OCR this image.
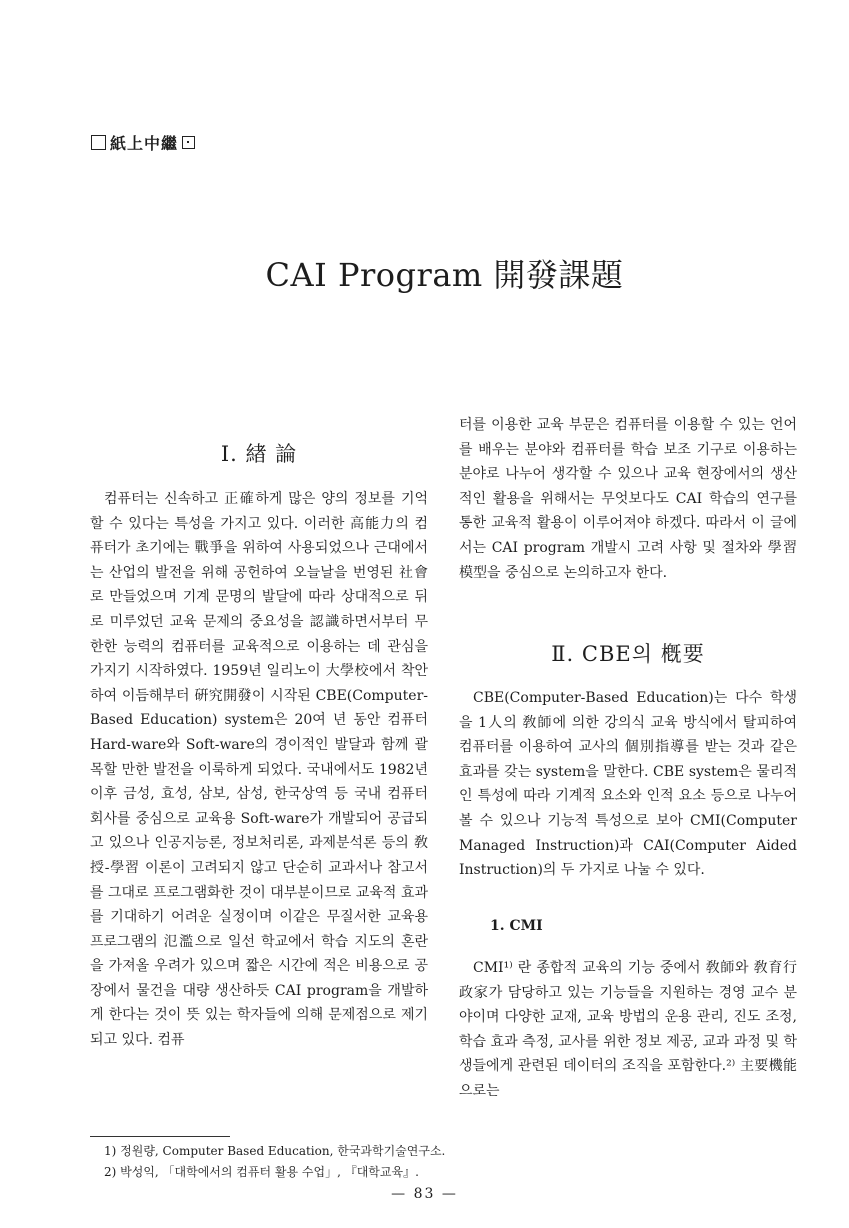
紙上中繼
CAI Program 開發課題
Ⅰ. 緖 論

컴퓨터는 신속하고 正確하게 많은 양의 정보를 기억할 수 있다는 특성을 가지고 있다. 이러한 高能力의 컴퓨터가 초기에는 戰爭을 위하여 사용되었으나 근대에서는 산업의 발전을 위해 공헌하여 오늘날을 번영된 社會로 만들었으며 기계 문명의 발달에 따라 상대적으로 뒤로 미루었던 교육 문제의 중요성을 認識하면서부터 무한한 능력의 컴퓨터를 교육적으로 이용하는 데 관심을 가지기 시작하였다. 1959년 일리노이 大學校에서 착안하여 이듬해부터 硏究開發이 시작된 CBE(Computer-Based Education) system은 20여 년 동안 컴퓨터 Hard-ware와 Soft-ware의 경이적인 발달과 함께 괄목할 만한 발전을 이룩하게 되었다. 국내에서도 1982년 이후 금성, 효성, 삼보, 삼성, 한국상역 등 국내 컴퓨터 회사를 중심으로 교육용 Soft-ware가 개발되어 공급되고 있으나 인공지능론, 정보처리론, 과제분석론 등의 敎授-學習 이론이 고려되지 않고 단순히 교과서나 참고서를 그대로 프로그램화한 것이 대부분이므로 교육적 효과를 기대하기 어려운 실정이며 이같은 무질서한 교육용 프로그램의 氾濫으로 일선 학교에서 학습 지도의 혼란을 가져올 우려가 있으며 짧은 시간에 적은 비용으로 공장에서 물건을 대량 생산하듯 CAI program을 개발하게 한다는 것이 뜻 있는 학자들에 의해 문제점으로 제기 되고 있다. 컴퓨

터를 이용한 교육 부문은 컴퓨터를 이용할 수 있는 언어를 배우는 분야와 컴퓨터를 학습 보조 기구로 이용하는 분야로 나누어 생각할 수 있으나 교육 현장에서의 생산적인 활용을 위해서는 무엇보다도 CAI 학습의 연구를 통한 교육적 활용이 이루어져야 하겠다. 따라서 이 글에서는 CAI program 개발시 고려 사항 및 절차와 學習模型을 중심으로 논의하고자 한다.

Ⅱ. CBE의 槪要

CBE(Computer-Based Education)는 다수 학생을 1人의 敎師에 의한 강의식 교육 방식에서 탈피하여 컴퓨터를 이용하여 교사의 個別指導를 받는 것과 같은 효과를 갖는 system을 말한다. CBE system은 물리적인 특성에 따라 기계적 요소와 인적 요소 등으로 나누어 볼 수 있으나 기능적 특성으로 보아 CMI(Computer Managed Instruction)과 CAI(Computer Aided Instruction)의 두 가지로 나눌 수 있다.

1. CMI

CMI¹⁾ 란 종합적 교육의 기능 중에서 敎師와 敎育行政家가 담당하고 있는 기능들을 지원하는 경영 교수 분야이며 다양한 교재, 교육 방법의 운용 관리, 진도 조정, 학습 효과 측정, 교사를 위한 정보 제공, 교과 과정 및 학생들에게 관련된 데이터의 조직을 포함한다.²⁾ 主要機能으로는

1) 정원량, Computer Based Education, 한국과학기술연구소.
2) 박성익, 「대학에서의 컴퓨터 활용 수업」, 『대학교육』.
— 83 —
